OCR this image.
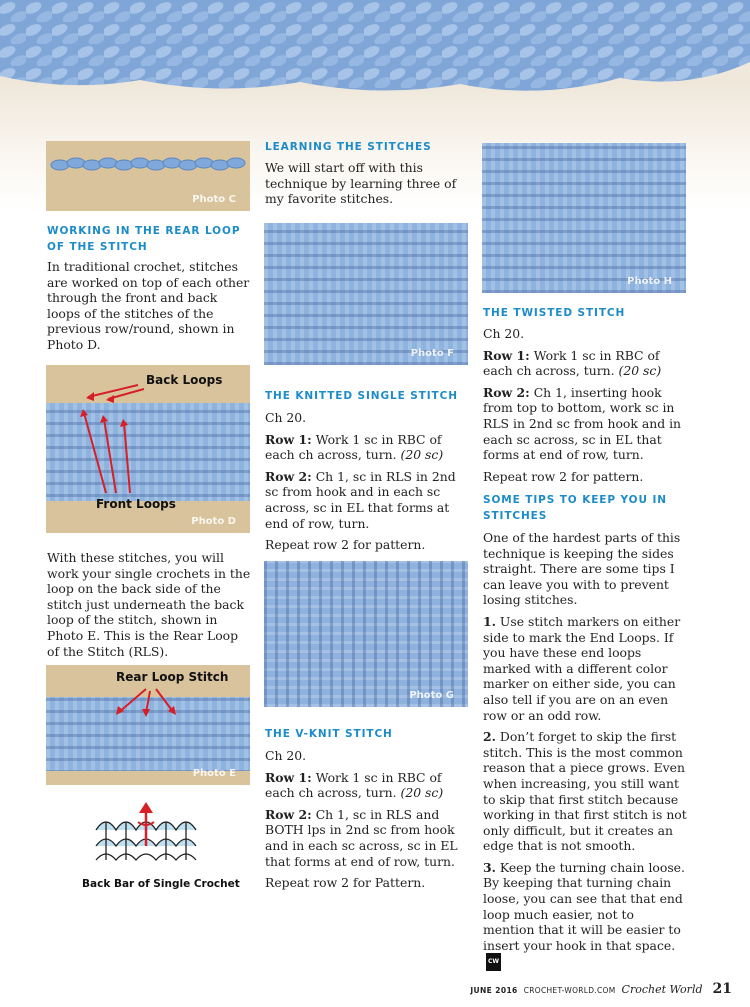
Photo C
WORKING IN THE REAR LOOP OF THE STITCH

In traditional crochet, stitches are worked on top of each other through the front and back loops of the stitches of the previous row/round, shown in Photo D.

Back Loops
Front Loops
Photo D

With these stitches, you will work your single crochets in the loop on the back side of the stitch just underneath the back loop of the stitch, shown in Photo E. This is the Rear Loop of the Stitch (RLS).

Rear Loop Stitch
Photo E
Back Bar of Single Crochet
LEARNING THE STITCHES

We will start off with this technique by learning three of my favorite stitches.

Photo F
THE KNITTED SINGLE STITCH

Ch 20.

Row 1: Work 1 sc in RBC of each ch across, turn. (20 sc)

Row 2: Ch 1, sc in RLS in 2nd sc from hook and in each sc across, sc in EL that forms at end of row, turn.

Repeat row 2 for pattern.

Photo G
THE V-KNIT STITCH

Ch 20.

Row 1: Work 1 sc in RBC of each ch across, turn. (20 sc)

Row 2: Ch 1, sc in RLS and BOTH lps in 2nd sc from hook and in each sc across, sc in EL that forms at end of row, turn.

Repeat row 2 for Pattern.

Photo H
THE TWISTED STITCH

Ch 20.

Row 1: Work 1 sc in RBC of each ch across, turn. (20 sc)

Row 2: Ch 1, inserting hook from top to bottom, work sc in RLS in 2nd sc from hook and in each sc across, sc in EL that forms at end of row, turn.

Repeat row 2 for pattern.

SOME TIPS TO KEEP YOU IN STITCHES

One of the hardest parts of this technique is keeping the sides straight. There are some tips I can leave you with to prevent losing stitches.

1. Use stitch markers on either side to mark the End Loops. If you have these end loops marked with a different color marker on either side, you can also tell if you are on an even row or an odd row.

2. Don’t forget to skip the first stitch. This is the most common reason that a piece grows. Even when increasing, you still want to skip that first stitch because working in that first stitch is not only difficult, but it creates an edge that is not smooth.

3. Keep the turning chain loose. By keeping that turning chain loose, you can see that that end loop much easier, not to mention that it will be easier to insert your hook in that space.CW

JUNE 2016 CROCHET-WORLD.COM Crochet World 21
